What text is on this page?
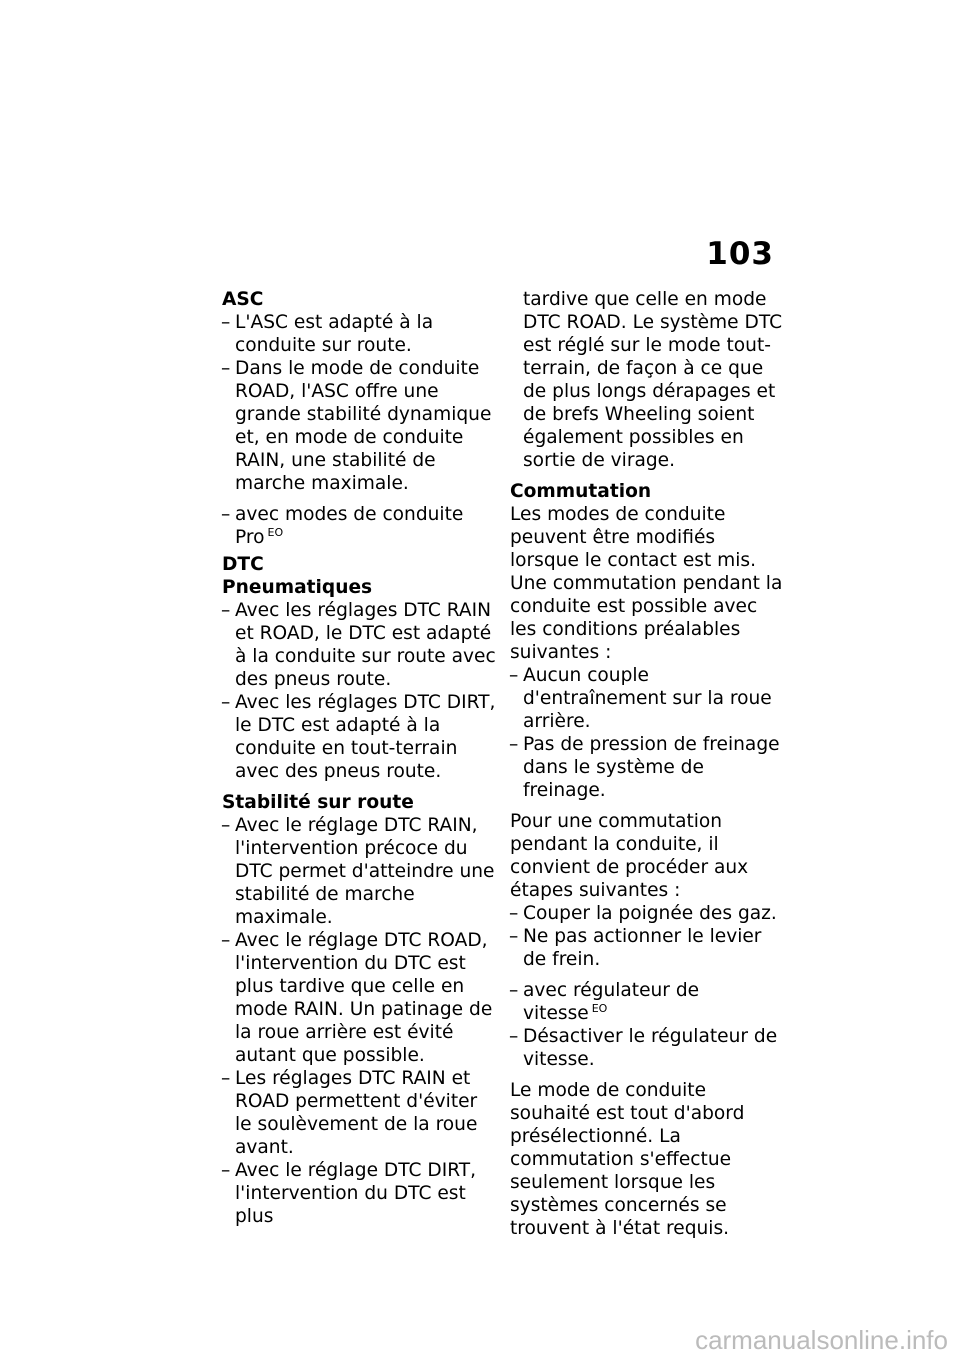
103
ASC
– L'ASC est adapté à la conduite sur route.
– Dans le mode de conduite ROAD, l'ASC offre une grande stabilité dynamique et, en mode de conduite RAIN, une stabilité de marche maximale.
– avec modes de conduite
Pro $^{EO}$
DTC
Pneumatiques
– Avec les réglages DTC RAIN et ROAD, le DTC est adapté à la conduite sur route avec des pneus route.
– Avec les réglages DTC DIRT, le DTC est adapté à la conduite en tout-terrain avec des pneus route.
Stabilité sur route
– Avec le réglage DTC RAIN, l'intervention précoce du DTC permet d'atteindre une stabilité de marche maximale.
– Avec le réglage DTC ROAD, l'intervention du DTC est plus tardive que celle en mode RAIN. Un patinage de la roue arrière est évité autant que possible.
– Les réglages DTC RAIN et ROAD permettent d'éviter le soulèvement de la roue avant.
– Avec le réglage DTC DIRT, l'intervention du DTC est plus
tardive que celle en mode DTC ROAD. Le système DTC est réglé sur le mode tout-terrain, de façon à ce que de plus longs dérapages et de brefs Wheeling soient également possibles en sortie de virage.
Commutation
Les modes de conduite peuvent être modifiés lorsque le contact est mis. Une commutation pendant la conduite est possible avec les conditions préalables suivantes :
– Aucun couple d'entraînement sur la roue arrière.
– Pas de pression de freinage dans le système de freinage.
Pour une commutation pendant la conduite, il convient de procéder aux étapes suivantes :
– Couper la poignée des gaz.
– Ne pas actionner le levier de frein.
– avec régulateur de vitesse $^{EO}$
– Désactiver le régulateur de vitesse.
Le mode de conduite souhaité est tout d'abord présélectionné. La commutation s'effectue seulement lorsque les systèmes concernés se trouvent à l'état requis.
carmanualsonline.info
